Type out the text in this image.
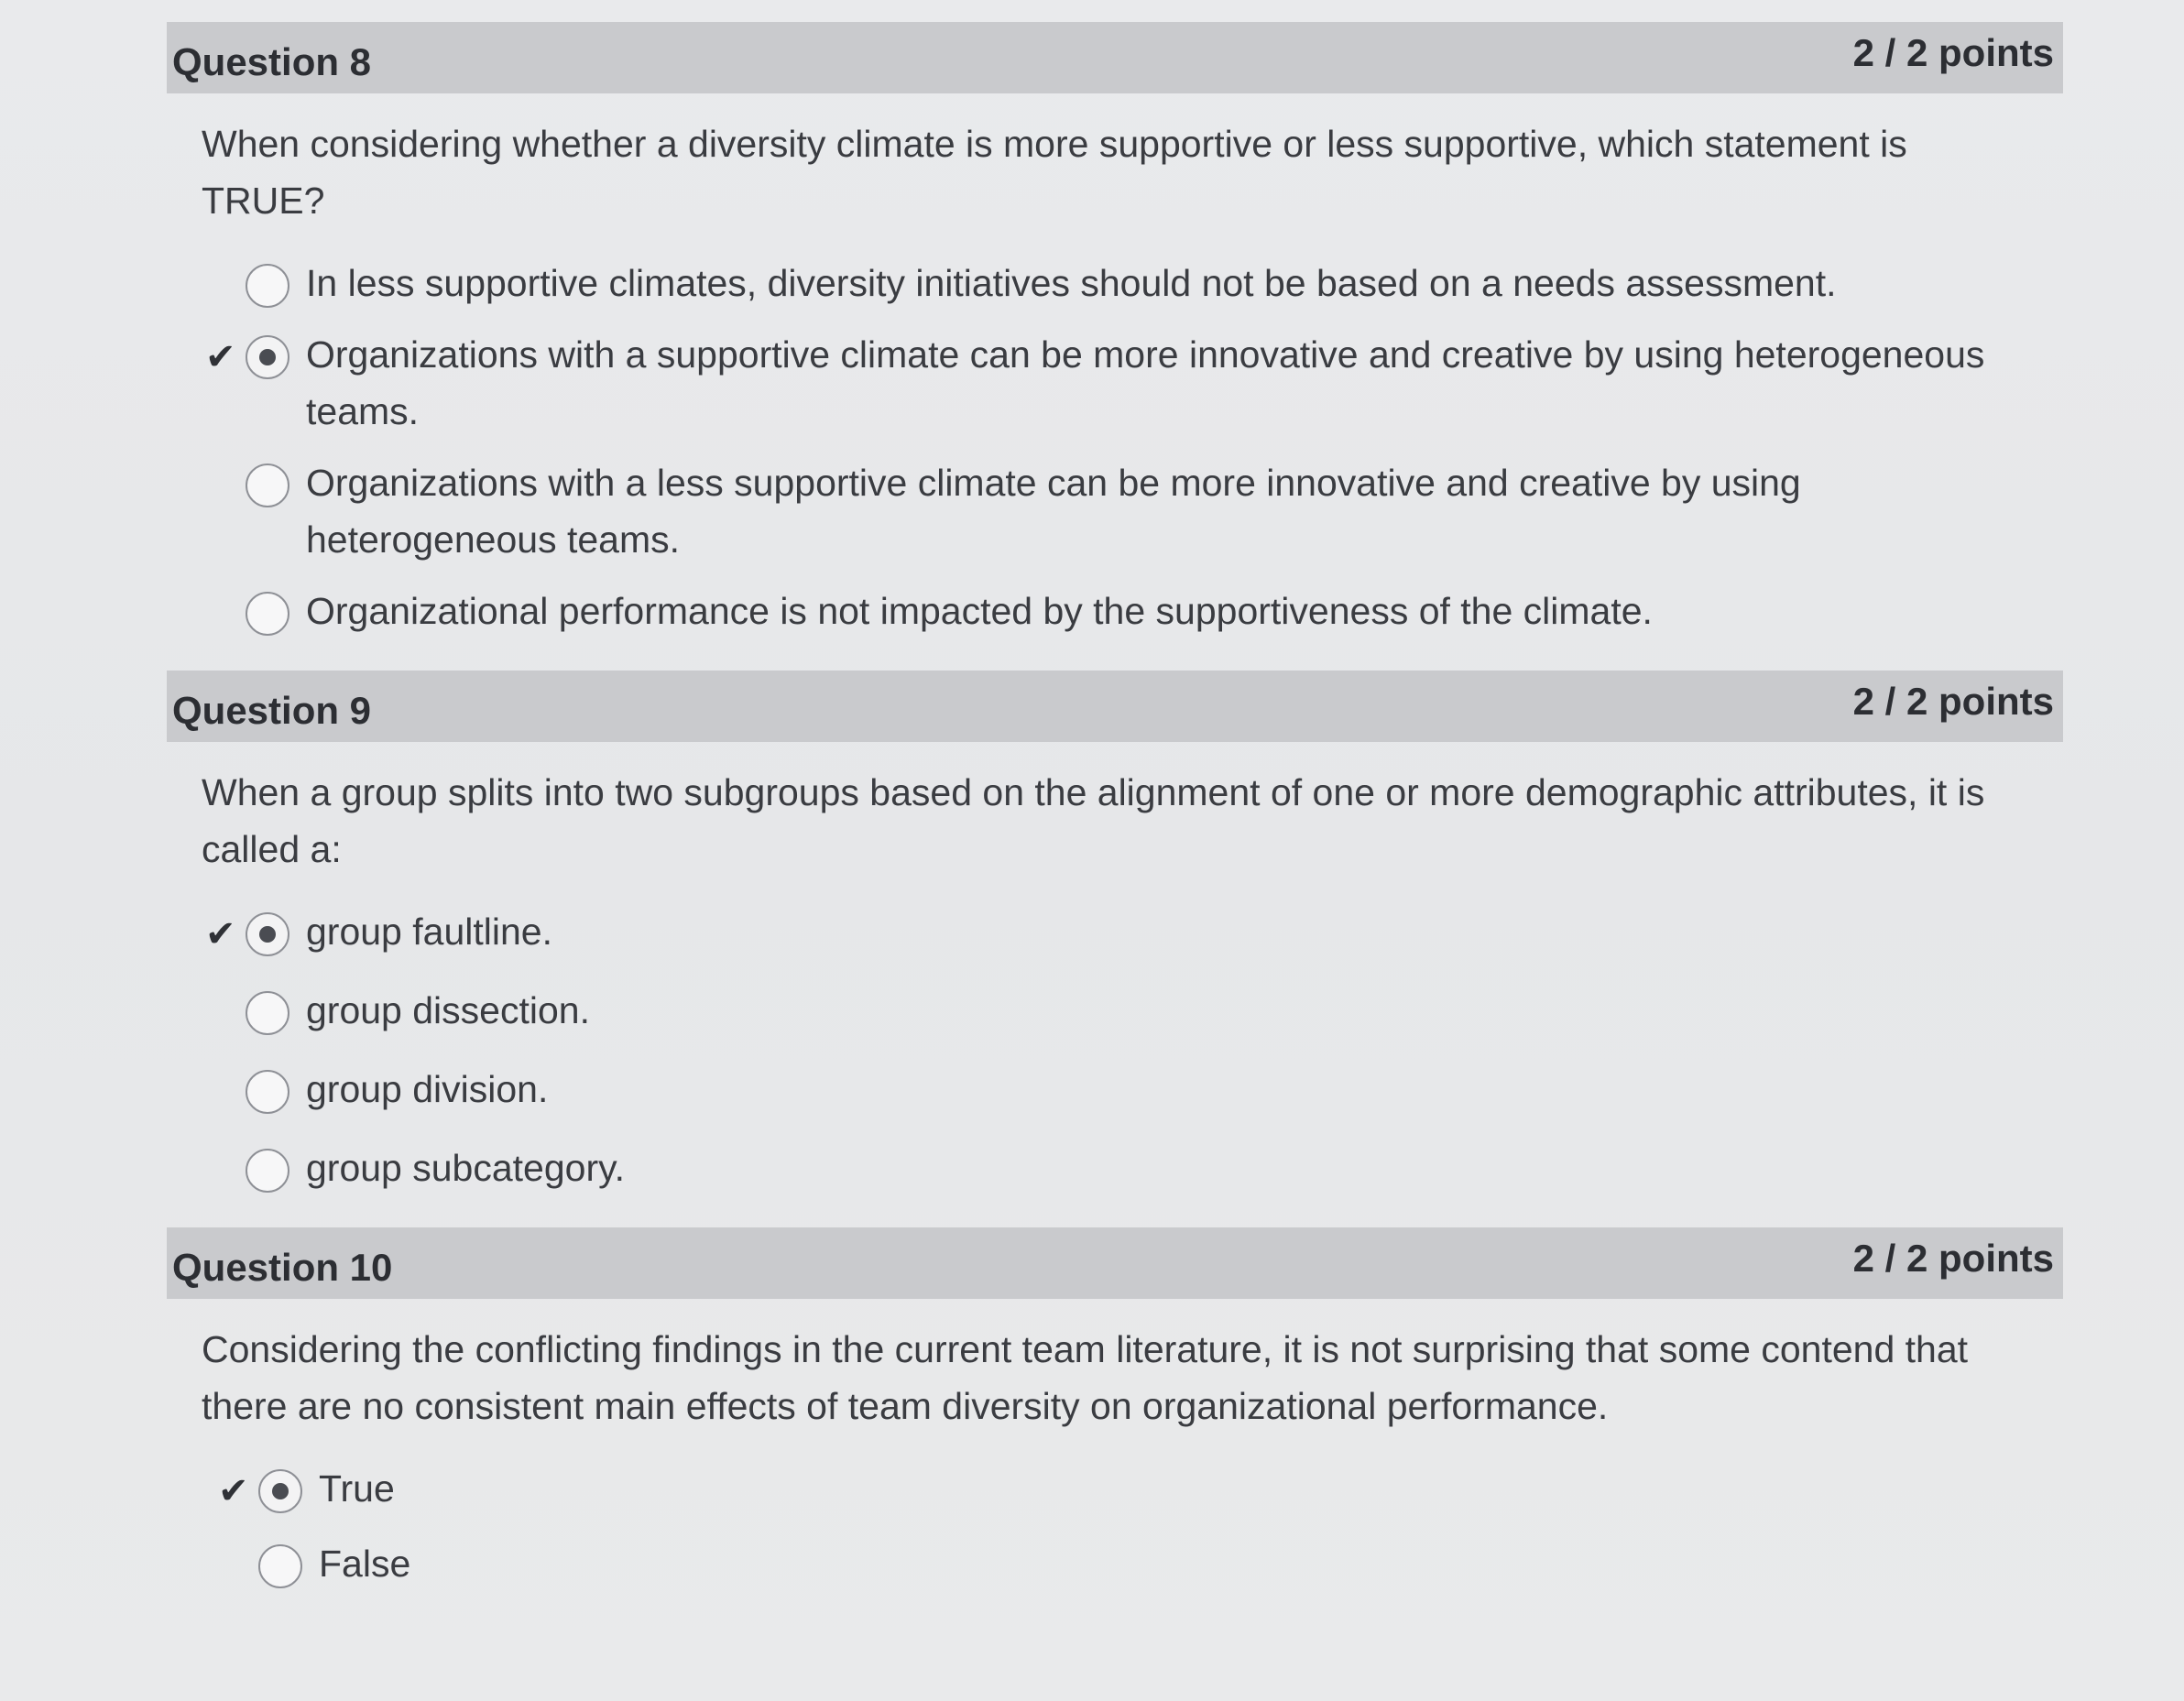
Question 8	2 / 2 points
When considering whether a diversity climate is more supportive or less supportive, which statement is TRUE?
In less supportive climates, diversity initiatives should not be based on a needs assessment.
✔ Organizations with a supportive climate can be more innovative and creative by using heterogeneous teams.
Organizations with a less supportive climate can be more innovative and creative by using heterogeneous teams.
Organizational performance is not impacted by the supportiveness of the climate.
Question 9	2 / 2 points
When a group splits into two subgroups based on the alignment of one or more demographic attributes, it is called a:
✔ group faultline.
group dissection.
group division.
group subcategory.
Question 10	2 / 2 points
Considering the conflicting findings in the current team literature, it is not surprising that some contend that there are no consistent main effects of team diversity on organizational performance.
✔ True
False
